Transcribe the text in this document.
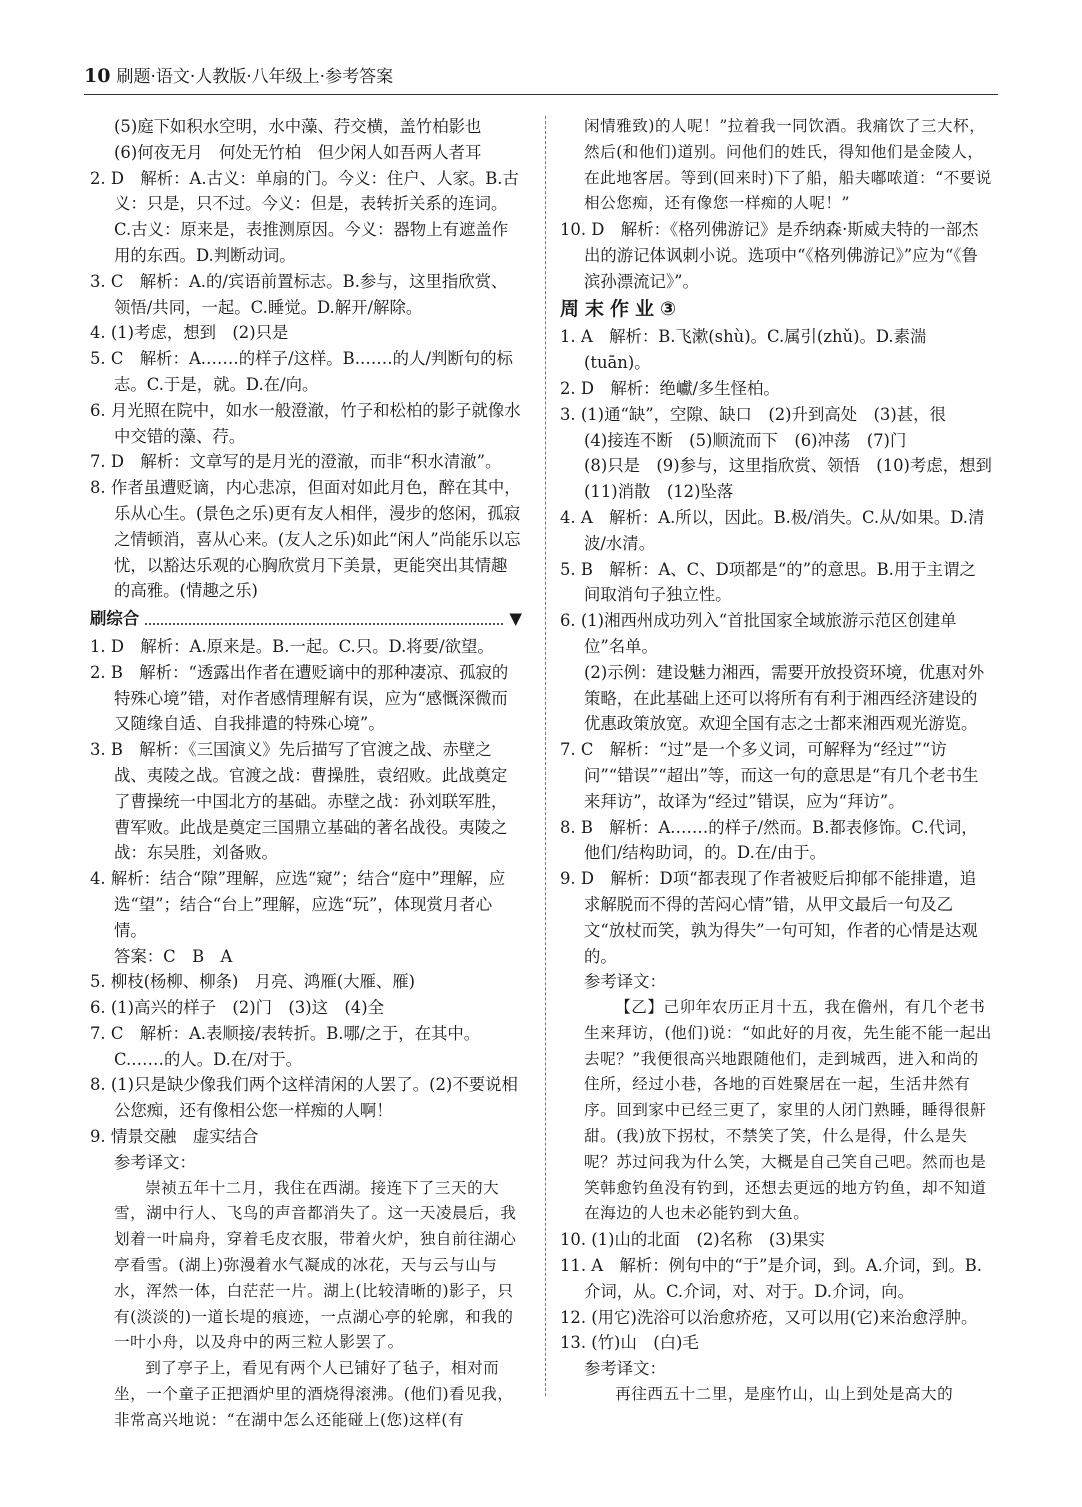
10 刷题·语文·人教版·八年级上·参考答案

(5)庭下如积水空明，水中藻、荇交横，盖竹柏影也

(6)何夜无月　何处无竹柏　但少闲人如吾两人者耳

2. D　解析：A.古义：单扇的门。今义：住户、人家。B.古义：只是，只不过。今义：但是，表转折关系的连词。C.古义：原来是，表推测原因。今义：器物上有遮盖作用的东西。D.判断动词。

3. C　解析：A.的/宾语前置标志。B.参与，这里指欣赏、领悟/共同，一起。C.睡觉。D.解开/解除。

4. (1)考虑，想到　(2)只是

5. C　解析：A.……的样子/这样。B.……的人/判断句的标志。C.于是，就。D.在/向。

6. 月光照在院中，如水一般澄澈，竹子和松柏的影子就像水中交错的藻、荇。

7. D　解析：文章写的是月光的澄澈，而非“积水清澈”。

8. 作者虽遭贬谪，内心悲凉，但面对如此月色，醉在其中，乐从心生。(景色之乐)更有友人相伴，漫步的悠闲，孤寂之情顿消，喜从心来。(友人之乐)如此“闲人”尚能乐以忘忧，以豁达乐观的心胸欣赏月下美景，更能突出其情趣的高雅。(情趣之乐)

刷综合	▼

1. D　解析：A.原来是。B.一起。C.只。D.将要/欲望。

2. B　解析：“透露出作者在遭贬谪中的那种凄凉、孤寂的特殊心境”错，对作者感情理解有误，应为“感慨深微而又随缘自适、自我排遣的特殊心境”。

3. B　解析：《三国演义》先后描写了官渡之战、赤壁之战、夷陵之战。官渡之战：曹操胜，袁绍败。此战奠定了曹操统一中国北方的基础。赤壁之战：孙刘联军胜，曹军败。此战是奠定三国鼎立基础的著名战役。夷陵之战：东吴胜，刘备败。

4. 解析：结合“隙”理解，应选“窥”；结合“庭中”理解，应选“望”；结合“台上”理解，应选“玩”，体现赏月者心情。

答案：C　B　A

5. 柳枝(杨柳、柳条)　月亮、鸿雁(大雁、雁)

6. (1)高兴的样子　(2)门　(3)这　(4)全

7. C　解析：A.表顺接/表转折。B.哪/之于，在其中。C.……的人。D.在/对于。

8. (1)只是缺少像我们两个这样清闲的人罢了。(2)不要说相公您痴，还有像相公您一样痴的人啊！

9. 情景交融　虚实结合

参考译文：

崇祯五年十二月，我住在西湖。接连下了三天的大雪，湖中行人、飞鸟的声音都消失了。这一天凌晨后，我划着一叶扁舟，穿着毛皮衣服，带着火炉，独自前往湖心亭看雪。(湖上)弥漫着水气凝成的冰花，天与云与山与水，浑然一体，白茫茫一片。湖上(比较清晰的)影子，只有(淡淡的)一道长堤的痕迹，一点湖心亭的轮廓，和我的一叶小舟，以及舟中的两三粒人影罢了。

到了亭子上，看见有两个人已铺好了毡子，相对而坐，一个童子正把酒炉里的酒烧得滚沸。(他们)看见我，非常高兴地说：“在湖中怎么还能碰上(您)这样(有

闲情雅致)的人呢！”拉着我一同饮酒。我痛饮了三大杯，然后(和他们)道别。问他们的姓氏，得知他们是金陵人，在此地客居。等到(回来时)下了船，船夫嘟哝道：“不要说相公您痴，还有像您一样痴的人呢！”

10. D　解析：《格列佛游记》是乔纳森·斯威夫特的一部杰出的游记体讽刺小说。选项中“《格列佛游记》”应为“《鲁滨孙漂流记》”。

周末作业③

1. A　解析：B.飞漱(shù)。C.属引(zhǔ)。D.素湍(tuān)。

2. D　解析：绝巘/多生怪柏。

3. (1)通“缺”，空隙、缺口　(2)升到高处　(3)甚，很

(4)接连不断　(5)顺流而下　(6)冲荡　(7)门

(8)只是　(9)参与，这里指欣赏、领悟　(10)考虑，想到　(11)消散　(12)坠落

4. A　解析：A.所以，因此。B.极/消失。C.从/如果。D.清波/水清。

5. B　解析：A、C、D项都是“的”的意思。B.用于主谓之间取消句子独立性。

6. (1)湘西州成功列入“首批国家全域旅游示范区创建单位”名单。

(2)示例：建设魅力湘西，需要开放投资环境，优惠对外策略，在此基础上还可以将所有有利于湘西经济建设的优惠政策放宽。欢迎全国有志之士都来湘西观光游览。

7. C　解析：“过”是一个多义词，可解释为“经过”“访问”“错误”“超出”等，而这一句的意思是“有几个老书生来拜访”，故译为“经过”错误，应为“拜访”。

8. B　解析：A.……的样子/然而。B.都表修饰。C.代词，他们/结构助词，的。D.在/由于。

9. D　解析：D项“都表现了作者被贬后抑郁不能排遣，追求解脱而不得的苦闷心情”错，从甲文最后一句及乙文“放杖而笑，孰为得失”一句可知，作者的心情是达观的。

参考译文：

【乙】己卯年农历正月十五，我在儋州，有几个老书生来拜访，(他们)说：“如此好的月夜，先生能不能一起出去呢？”我便很高兴地跟随他们，走到城西，进入和尚的住所，经过小巷，各地的百姓聚居在一起，生活井然有序。回到家中已经三更了，家里的人闭门熟睡，睡得很鼾甜。(我)放下拐杖，不禁笑了笑，什么是得，什么是失呢？苏过问我为什么笑，大概是自己笑自己吧。然而也是笑韩愈钓鱼没有钓到，还想去更远的地方钓鱼，却不知道在海边的人也未必能钓到大鱼。

10. (1)山的北面　(2)名称　(3)果实

11. A　解析：例句中的“于”是介词，到。A.介词，到。B.介词，从。C.介词，对、对于。D.介词，向。

12. (用它)洗浴可以治愈疥疮，又可以用(它)来治愈浮肿。

13. (竹)山　(白)毛

参考译文：

再往西五十二里，是座竹山，山上到处是高大的
